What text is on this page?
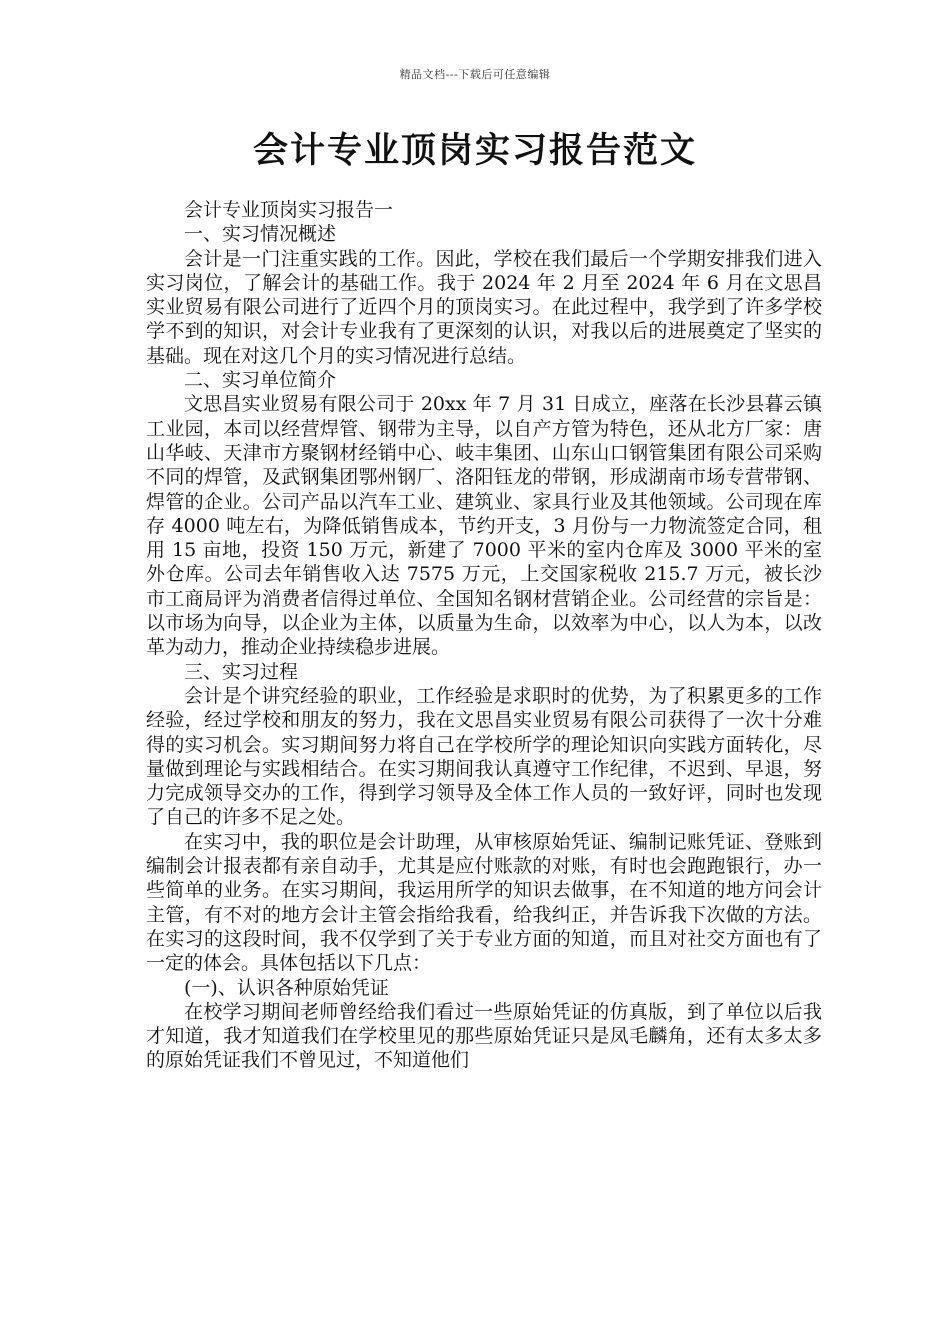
精品文档---下载后可任意编辑
会计专业顶岗实习报告范文

会计专业顶岗实习报告一

一、实习情况概述

会计是一门注重实践的工作。因此，学校在我们最后一个学期安排我们进入实习岗位，了解会计的基础工作。我于 2024 年 2 月至 2024 年 6 月在文思昌实业贸易有限公司进行了近四个月的顶岗实习。在此过程中，我学到了许多学校学不到的知识，对会计专业我有了更深刻的认识，对我以后的进展奠定了坚实的基础。现在对这几个月的实习情况进行总结。

二、实习单位简介

文思昌实业贸易有限公司于 20xx 年 7 月 31 日成立，座落在长沙县暮云镇工业园，本司以经营焊管、钢带为主导，以自产方管为特色，还从北方厂家：唐山华岐、天津市方聚钢材经销中心、岐丰集团、山东山口钢管集团有限公司采购不同的焊管，及武钢集团鄂州钢厂、洛阳钰龙的带钢，形成湖南市场专营带钢、焊管的企业。公司产品以汽车工业、建筑业、家具行业及其他领域。公司现在库存 4000 吨左右，为降低销售成本，节约开支，3 月份与一力物流签定合同，租用 15 亩地，投资 150 万元，新建了 7000 平米的室内仓库及 3000 平米的室外仓库。公司去年销售收入达 7575 万元，上交国家税收 215.7 万元，被长沙市工商局评为消费者信得过单位、全国知名钢材营销企业。公司经营的宗旨是：以市场为向导，以企业为主体，以质量为生命，以效率为中心，以人为本，以改革为动力，推动企业持续稳步进展。

三、实习过程

会计是个讲究经验的职业，工作经验是求职时的优势，为了积累更多的工作经验，经过学校和朋友的努力，我在文思昌实业贸易有限公司获得了一次十分难得的实习机会。实习期间努力将自己在学校所学的理论知识向实践方面转化，尽量做到理论与实践相结合。在实习期间我认真遵守工作纪律，不迟到、早退，努力完成领导交办的工作，得到学习领导及全体工作人员的一致好评，同时也发现了自己的许多不足之处。

在实习中，我的职位是会计助理，从审核原始凭证、编制记账凭证、登账到编制会计报表都有亲自动手，尤其是应付账款的对账，有时也会跑跑银行，办一些简单的业务。在实习期间，我运用所学的知识去做事，在不知道的地方问会计主管，有不对的地方会计主管会指给我看，给我纠正，并告诉我下次做的方法。在实习的这段时间，我不仅学到了关于专业方面的知道，而且对社交方面也有了一定的体会。具体包括以下几点：

(一)、认识各种原始凭证

在校学习期间老师曾经给我们看过一些原始凭证的仿真版，到了单位以后我才知道，我才知道我们在学校里见的那些原始凭证只是凤毛麟角，还有太多太多的原始凭证我们不曾见过，不知道他们
